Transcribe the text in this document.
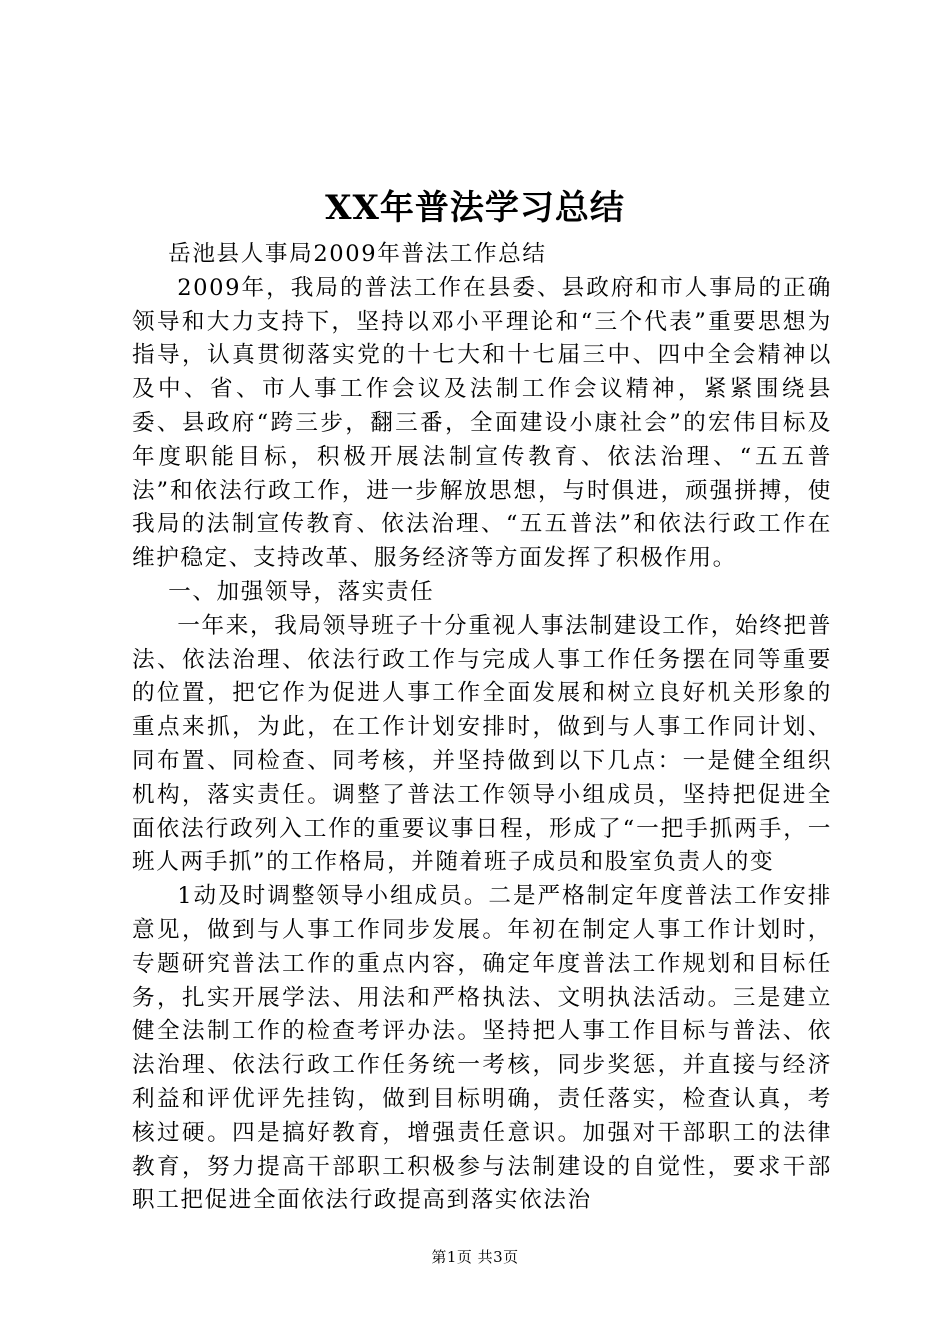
XX年普法学习总结

岳池县人事局2009年普法工作总结

2009年，我局的普法工作在县委、县政府和市人事局的正确领导和大力支持下，坚持以邓小平理论和“三个代表”重要思想为指导，认真贯彻落实党的十七大和十七届三中、四中全会精神以及中、省、市人事工作会议及法制工作会议精神，紧紧围绕县委、县政府“跨三步，翻三番，全面建设小康社会”的宏伟目标及年度职能目标，积极开展法制宣传教育、依法治理、“五五普法”和依法行政工作，进一步解放思想，与时俱进，顽强拼搏，使我局的法制宣传教育、依法治理、“五五普法”和依法行政工作在维护稳定、支持改革、服务经济等方面发挥了积极作用。

一、加强领导，落实责任

一年来，我局领导班子十分重视人事法制建设工作，始终把普法、依法治理、依法行政工作与完成人事工作任务摆在同等重要的位置，把它作为促进人事工作全面发展和树立良好机关形象的重点来抓，为此，在工作计划安排时，做到与人事工作同计划、同布置、同检查、同考核，并坚持做到以下几点：一是健全组织机构，落实责任。调整了普法工作领导小组成员，坚持把促进全面依法行政列入工作的重要议事日程，形成了“一把手抓两手，一班人两手抓”的工作格局，并随着班子成员和股室负责人的变

1动及时调整领导小组成员。二是严格制定年度普法工作安排意见，做到与人事工作同步发展。年初在制定人事工作计划时，专题研究普法工作的重点内容，确定年度普法工作规划和目标任务，扎实开展学法、用法和严格执法、文明执法活动。三是建立健全法制工作的检查考评办法。坚持把人事工作目标与普法、依法治理、依法行政工作任务统一考核，同步奖惩，并直接与经济利益和评优评先挂钩，做到目标明确，责任落实，检查认真，考核过硬。四是搞好教育，增强责任意识。加强对干部职工的法律教育，努力提高干部职工积极参与法制建设的自觉性，要求干部职工把促进全面依法行政提高到落实依法治

第1页 共3页
